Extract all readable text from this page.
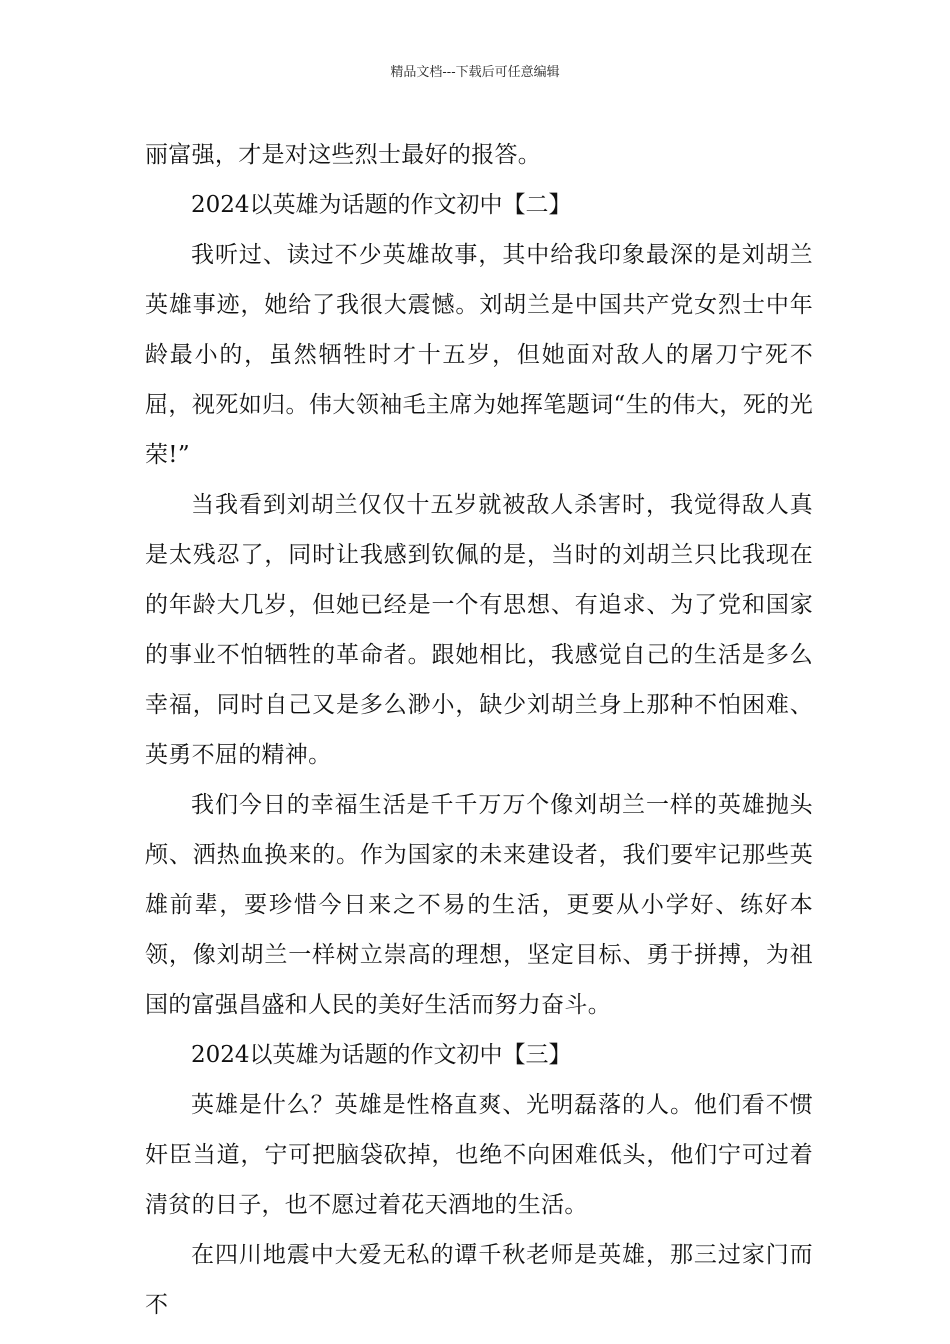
精品文档---下载后可任意编辑

丽富强，才是对这些烈士最好的报答。

2024以英雄为话题的作文初中【二】

我听过、读过不少英雄故事，其中给我印象最深的是刘胡兰英雄事迹，她给了我很大震憾。刘胡兰是中国共产党女烈士中年龄最小的，虽然牺牲时才十五岁，但她面对敌人的屠刀宁死不屈，视死如归。伟大领袖毛主席为她挥笔题词“生的伟大，死的光荣!”

当我看到刘胡兰仅仅十五岁就被敌人杀害时，我觉得敌人真是太残忍了，同时让我感到钦佩的是，当时的刘胡兰只比我现在的年龄大几岁，但她已经是一个有思想、有追求、为了党和国家的事业不怕牺牲的革命者。跟她相比，我感觉自己的生活是多么幸福，同时自己又是多么渺小，缺少刘胡兰身上那种不怕困难、英勇不屈的精神。

我们今日的幸福生活是千千万万个像刘胡兰一样的英雄抛头颅、洒热血换来的。作为国家的未来建设者，我们要牢记那些英雄前辈，要珍惜今日来之不易的生活，更要从小学好、练好本领，像刘胡兰一样树立崇高的理想，坚定目标、勇于拼搏，为祖国的富强昌盛和人民的美好生活而努力奋斗。

2024以英雄为话题的作文初中【三】

英雄是什么？英雄是性格直爽、光明磊落的人。他们看不惯奸臣当道，宁可把脑袋砍掉，也绝不向困难低头，他们宁可过着清贫的日子，也不愿过着花天酒地的生活。

在四川地震中大爱无私的谭千秋老师是英雄，那三过家门而不
